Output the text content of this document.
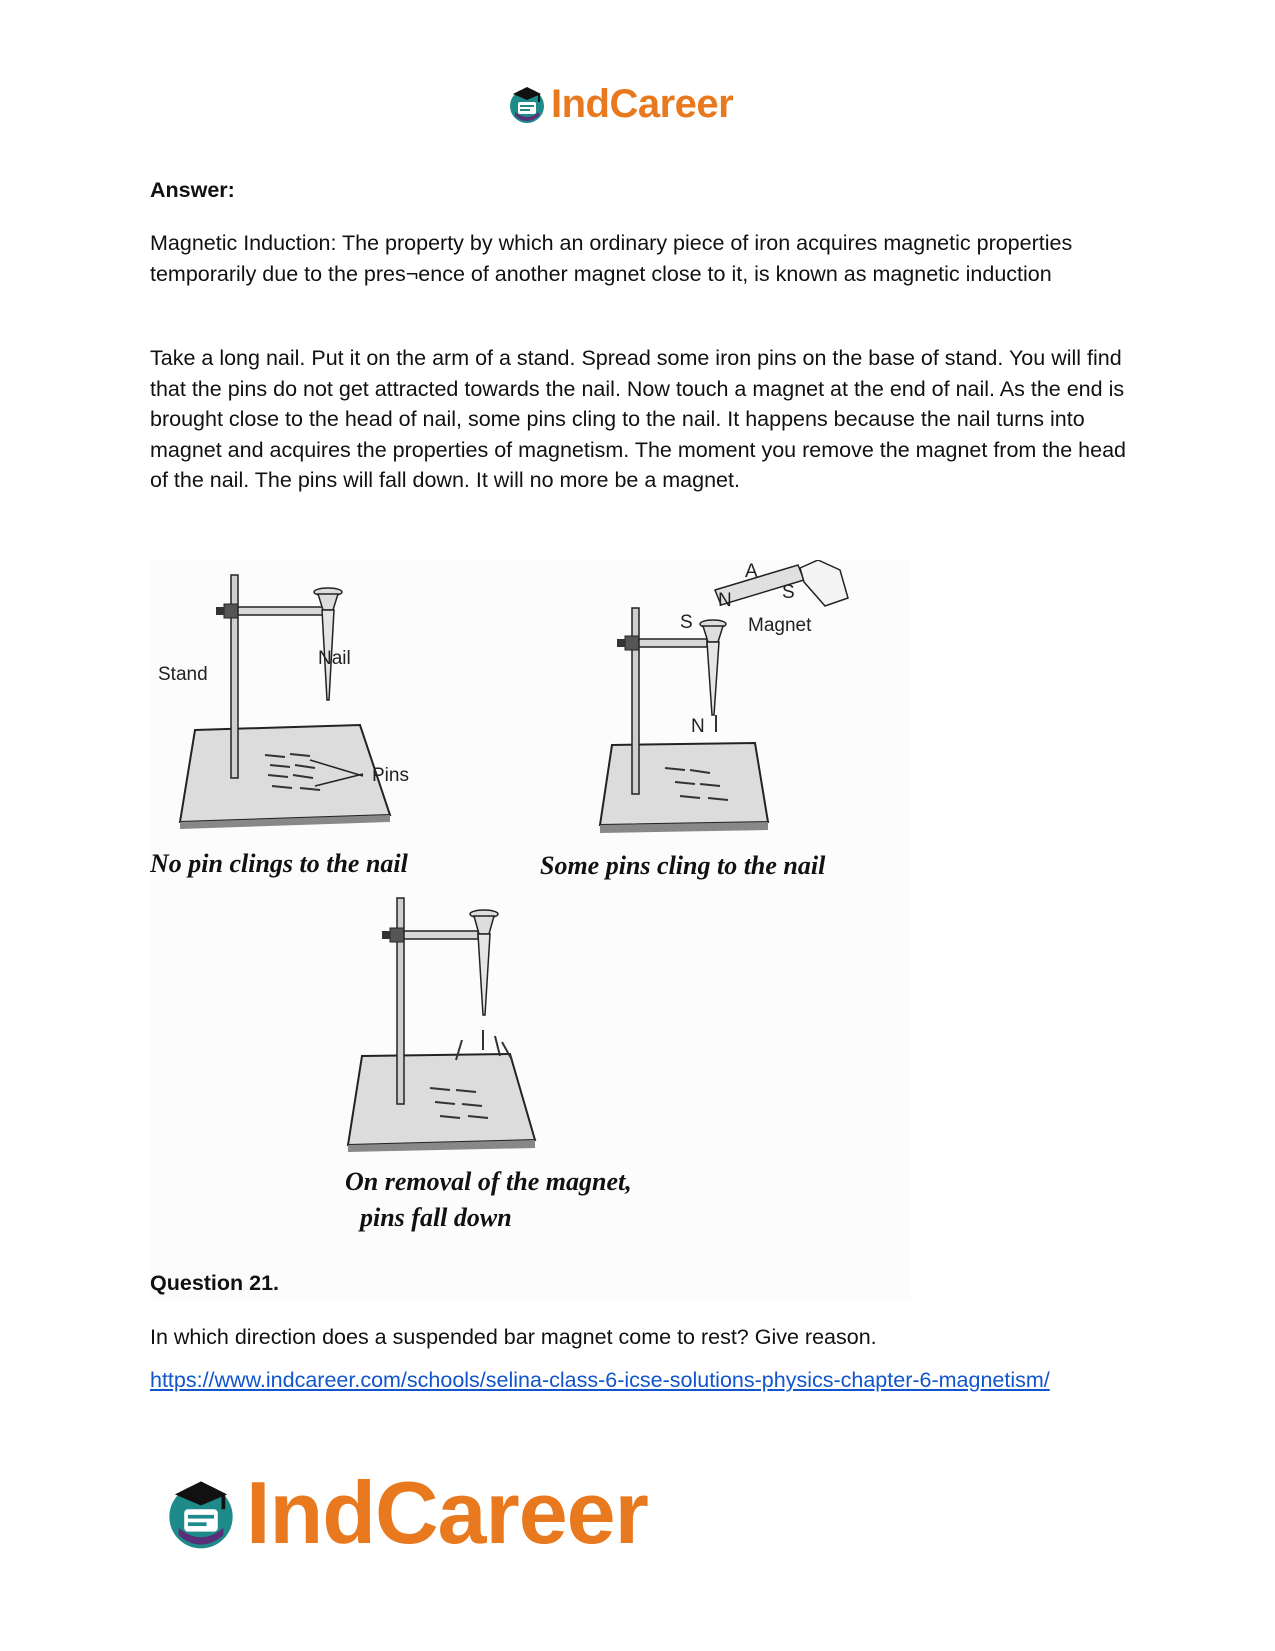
IndCareer
Answer:
Magnetic Induction: The property by which an ordinary piece of iron acquires magnetic properties temporarily due to the pres¬ence of another magnet close to it, is known as magnetic induction
Take a long nail. Put it on the arm of a stand. Spread some iron pins on the base of stand. You will find that the pins do not get attracted towards the nail. Now touch a magnet at the end of nail. As the end is brought close to the head of nail, some pins cling to the nail. It happens because the nail turns into magnet and acquires the properties of magnetism. The moment you remove the magnet from the head of the nail. The pins will fall down. It will no more be a magnet.
Stand
Nail
Pins
No pin clings to the nail
A
S
N
S
N
Magnet
Some pins cling to the nail
On removal of the magnet,
pins fall down
Question 21.
In which direction does a suspended bar magnet come to rest? Give reason.
https://www.indcareer.com/schools/selina-class-6-icse-solutions-physics-chapter-6-magnetism/
IndCareer
